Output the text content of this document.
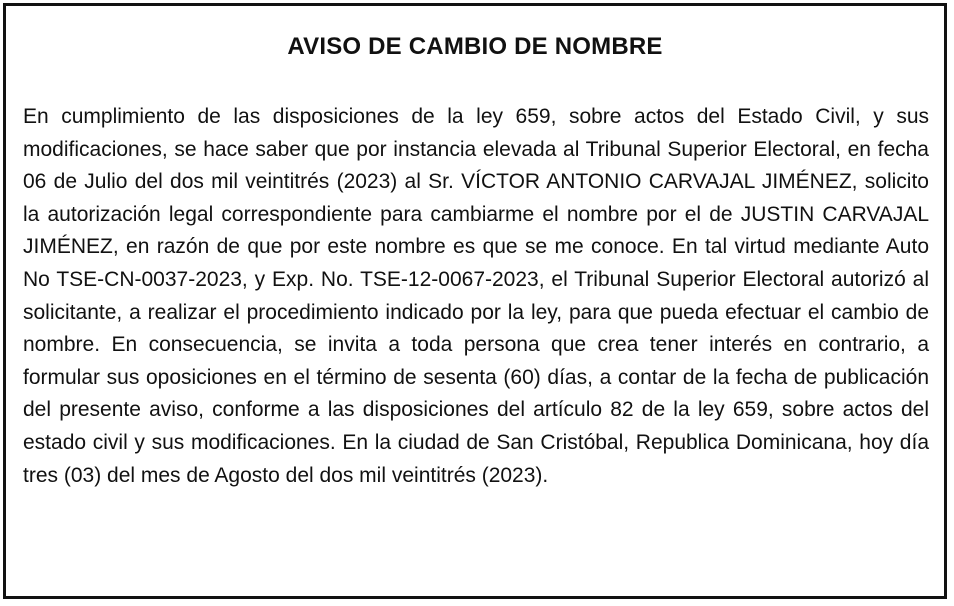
AVISO DE CAMBIO DE NOMBRE

En cumplimiento de las disposiciones de la ley 659, sobre actos del Estado Civil, y sus modificaciones, se hace saber que por instancia elevada al Tribunal Superior Electoral, en fecha 06 de Julio del dos mil veintitrés (2023) al Sr. VÍCTOR ANTONIO CARVAJAL JIMÉNEZ, solicito la autorización legal correspondiente para cambiarme el nombre por el de JUSTIN CARVAJAL JIMÉNEZ, en razón de que por este nombre es que se me conoce. En tal virtud mediante Auto No TSE-CN-0037-2023, y Exp. No. TSE-12-0067-2023, el Tribunal Superior Electoral autorizó al solicitante, a realizar el procedimiento indicado por la ley, para que pueda efectuar el cambio de nombre. En consecuencia, se invita a toda persona que crea tener interés en contrario, a formular sus oposiciones en el término de sesenta (60) días, a contar de la fecha de publicación del presente aviso, conforme a las disposiciones del artículo 82 de la ley 659, sobre actos del estado civil y sus modificaciones. En la ciudad de San Cristóbal, Republica Dominicana, hoy día tres (03) del mes de Agosto del dos mil veintitrés (2023).
